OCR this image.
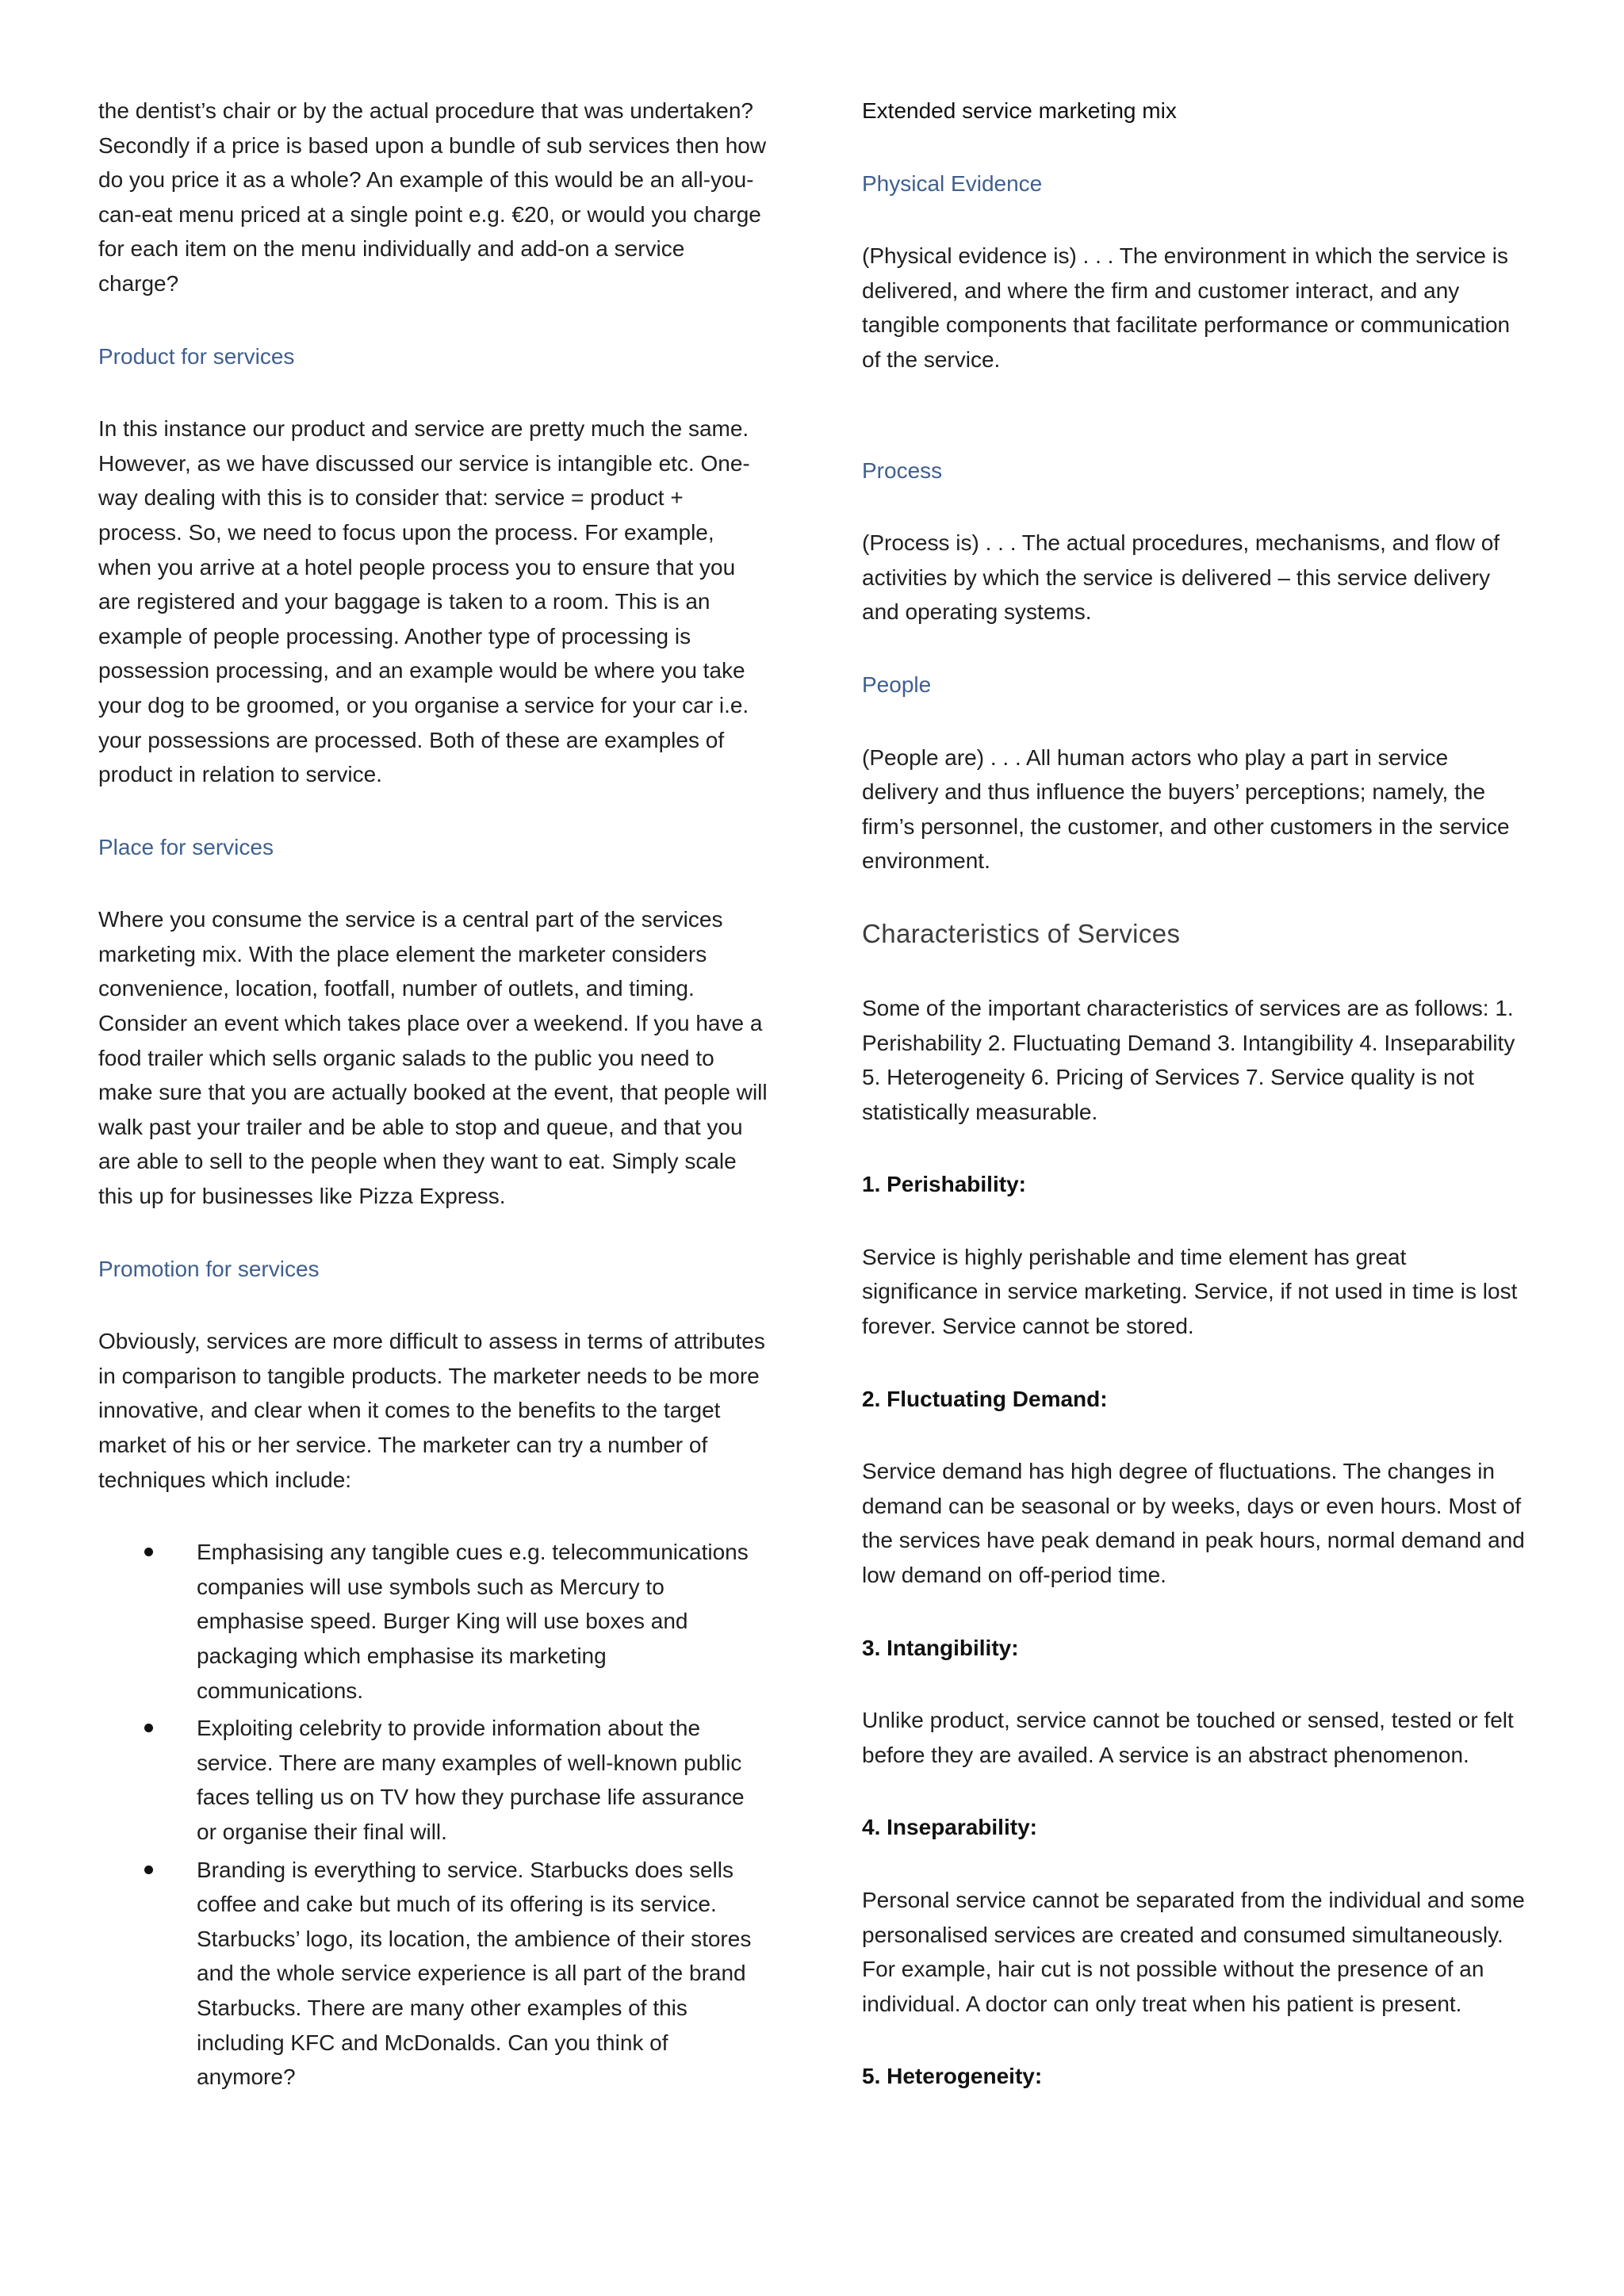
the dentist’s chair or by the actual procedure that was undertaken? Secondly if a price is based upon a bundle of sub services then how do you price it as a whole? An example of this would be an all-you-can-eat menu priced at a single point e.g. €20, or would you charge for each item on the menu individually and add-on a service charge?

Product for services

In this instance our product and service are pretty much the same. However, as we have discussed our service is intangible etc. One-way dealing with this is to consider that: service = product + process. So, we need to focus upon the process. For example, when you arrive at a hotel people process you to ensure that you are registered and your baggage is taken to a room. This is an example of people processing. Another type of processing is possession processing, and an example would be where you take your dog to be groomed, or you organise a service for your car i.e. your possessions are processed. Both of these are examples of product in relation to service.

Place for services

Where you consume the service is a central part of the services marketing mix. With the place element the marketer considers convenience, location, footfall, number of outlets, and timing. Consider an event which takes place over a weekend. If you have a food trailer which sells organic salads to the public you need to make sure that you are actually booked at the event, that people will walk past your trailer and be able to stop and queue, and that you are able to sell to the people when they want to eat. Simply scale this up for businesses like Pizza Express.

Promotion for services

Obviously, services are more difficult to assess in terms of attributes in comparison to tangible products. The marketer needs to be more innovative, and clear when it comes to the benefits to the target market of his or her service. The marketer can try a number of techniques which include:

Emphasising any tangible cues e.g. telecommunications companies will use symbols such as Mercury to emphasise speed. Burger King will use boxes and packaging which emphasise its marketing communications.
Exploiting celebrity to provide information about the service. There are many examples of well-known public faces telling us on TV how they purchase life assurance or organise their final will.
Branding is everything to service. Starbucks does sells coffee and cake but much of its offering is its service. Starbucks’ logo, its location, the ambience of their stores and the whole service experience is all part of the brand Starbucks. There are many other examples of this including KFC and McDonalds. Can you think of anymore?
Extended service marketing mix
Physical Evidence

(Physical evidence is) . . . The environment in which the service is delivered, and where the firm and customer interact, and any tangible components that facilitate performance or communication of the service.

Process

(Process is) . . . The actual procedures, mechanisms, and flow of activities by which the service is delivered – this service delivery and operating systems.

People

(People are) . . . All human actors who play a part in service delivery and thus influence the buyers’ perceptions; namely, the firm’s personnel, the customer, and other customers in the service environment.

Characteristics of Services

Some of the important characteristics of services are as follows: 1. Perishability 2. Fluctuating Demand 3. Intangibility 4. Inseparability 5. Heterogeneity 6. Pricing of Services 7. Service quality is not statistically measurable.

1. Perishability:

Service is highly perishable and time element has great significance in service marketing. Service, if not used in time is lost forever. Service cannot be stored.

2. Fluctuating Demand:

Service demand has high degree of fluctuations. The changes in demand can be seasonal or by weeks, days or even hours. Most of the services have peak demand in peak hours, normal demand and low demand on off-period time.

3. Intangibility:

Unlike product, service cannot be touched or sensed, tested or felt before they are availed. A service is an abstract phenomenon.

4. Inseparability:

Personal service cannot be separated from the individual and some personalised services are created and consumed simultaneously. For example, hair cut is not possible without the presence of an individual. A doctor can only treat when his patient is present.

5. Heterogeneity:
